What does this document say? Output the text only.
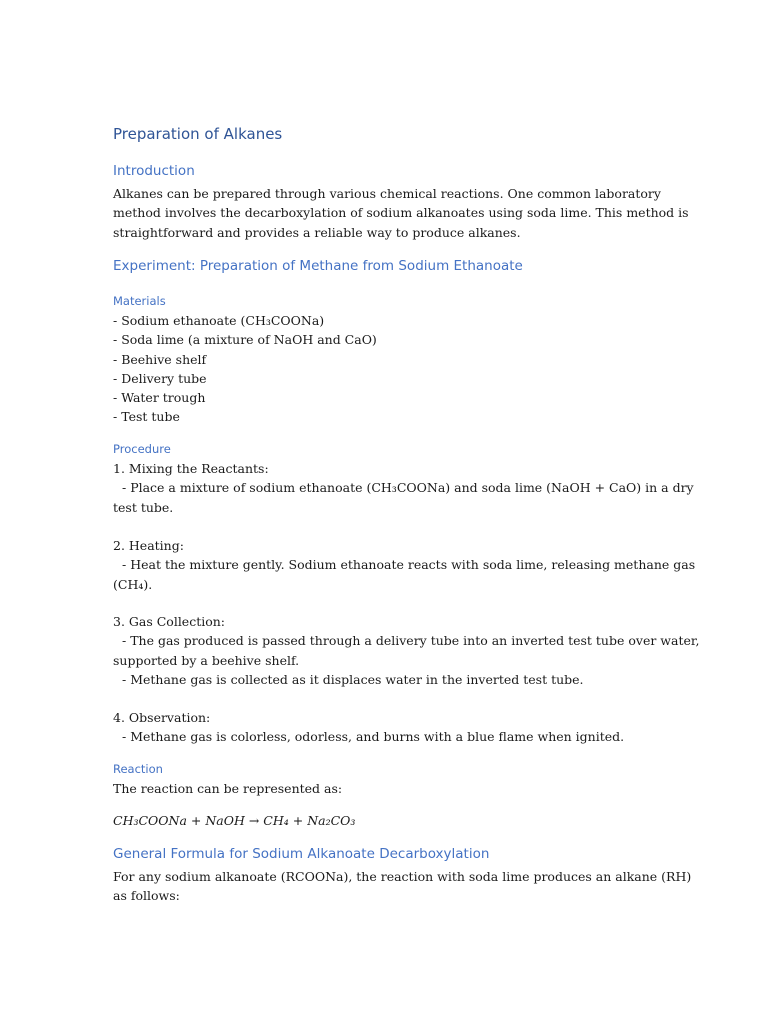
Preparation of Alkanes
Introduction
Alkanes can be prepared through various chemical reactions. One common laboratory
method involves the decarboxylation of sodium alkanoates using soda lime. This method is
straightforward and provides a reliable way to produce alkanes.
Experiment: Preparation of Methane from Sodium Ethanoate
Materials
- Sodium ethanoate (CH₃COONa)
- Soda lime (a mixture of NaOH and CaO)
- Beehive shelf
- Delivery tube
- Water trough
- Test tube
Procedure
1. Mixing the Reactants:
- Place a mixture of sodium ethanoate (CH₃COONa) and soda lime (NaOH + CaO) in a dry
test tube.
2. Heating:
- Heat the mixture gently. Sodium ethanoate reacts with soda lime, releasing methane gas
(CH₄).
3. Gas Collection:
- The gas produced is passed through a delivery tube into an inverted test tube over water,
supported by a beehive shelf.
- Methane gas is collected as it displaces water in the inverted test tube.
4. Observation:
- Methane gas is colorless, odorless, and burns with a blue flame when ignited.
Reaction
The reaction can be represented as:
CH₃COONa + NaOH → CH₄ + Na₂CO₃
General Formula for Sodium Alkanoate Decarboxylation
For any sodium alkanoate (RCOONa), the reaction with soda lime produces an alkane (RH)
as follows:
